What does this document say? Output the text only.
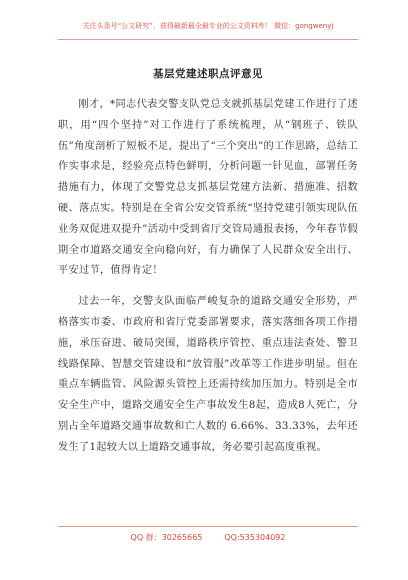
关注头条号“公文研究”，获得最新最全最专业的公文资料库！ 微信：gongwenyj
基层党建述职点评意见

刚才，*同志代表交警支队党总支就抓基层党建工作进行了述职，用“四个坚持”对工作进行了系统梳理，从“钢班子、铁队伍”角度剖析了短板不足，提出了“三个突出”的工作思路，总结工作实事求是，经验亮点特色鲜明，分析问题一针见血，部署任务措施有力，体现了交警党总支抓基层党建方法新、措施准、招数硬、落点实。特别是在全省公安交管系统“坚持党建引领实现队伍业务双促进双提升”活动中受到省厅交管局通报表扬，今年春节假期全市道路交通安全向稳向好，有力确保了人民群众安全出行、平安过节，值得肯定！

过去一年，交警支队面临严峻复杂的道路交通安全形势，严格落实市委、市政府和省厅党委部署要求，落实落细各项工作措施，承压奋进、破局突围，道路秩序管控、重点违法查处、警卫线路保障、智慧交管建设和“放管服”改革等工作进步明显。但在重点车辆监管、风险源头管控上还需持续加压加力。特别是全市安全生产中，道路交通安全生产事故发生8起，造成8人死亡，分别占全年道路交通事故数和亡人数的 6.66%、33.33%，去年还发生了1起较大以上道路交通事故，务必要引起高度重视。

QQ 群：30265665	QQ:535304092
